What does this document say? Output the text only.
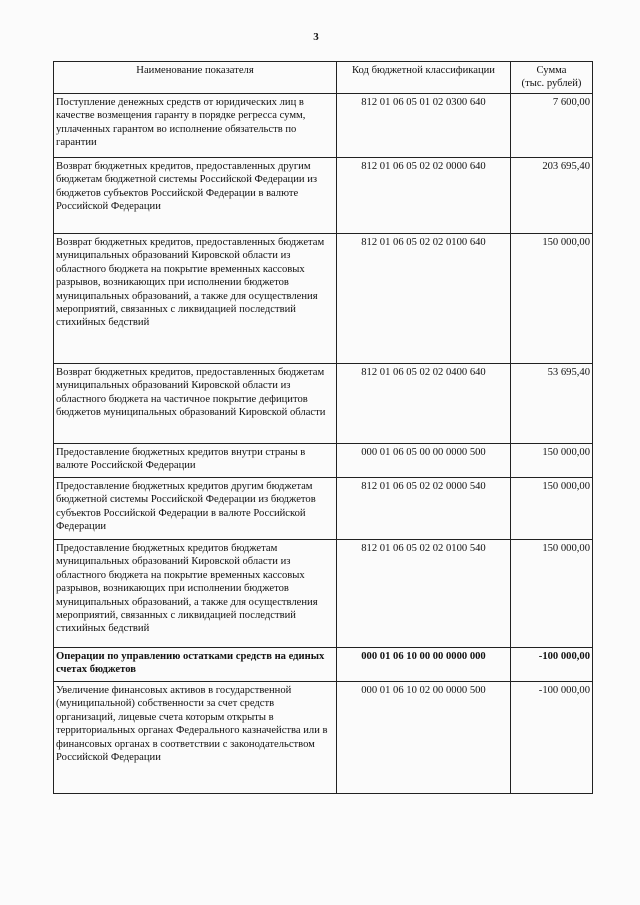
3
Наименование показателя	Код бюджетной классификации	Сумма
(тыс. рублей)

Поступление денежных средств от юридических лиц в качестве возмещения гаранту в порядке регресса сумм, уплаченных гарантом во исполнение обязательств по гарантии	812 01 06 05 01 02 0300 640	7 600,00
Возврат бюджетных кредитов, предоставленных другим бюджетам бюджетной системы Российской Федерации из бюджетов субъектов Российской Федерации в валюте Российской Федерации	812 01 06 05 02 02 0000 640	203 695,40
Возврат бюджетных кредитов, предоставленных бюджетам муниципальных образований Кировской области из областного бюджета на покрытие временных кассовых разрывов, возникающих при исполнении бюджетов муниципальных образований, а также для осуществления мероприятий, связанных с ликвидацией последствий стихийных бедствий	812 01 06 05 02 02 0100 640	150 000,00
Возврат бюджетных кредитов, предоставленных бюджетам муниципальных образований Кировской области из областного бюджета на частичное покрытие дефицитов бюджетов муниципальных образований Кировской области	812 01 06 05 02 02 0400 640	53 695,40
Предоставление бюджетных кредитов внутри страны в валюте Российской Федерации	000 01 06 05 00 00 0000 500	150 000,00
Предоставление бюджетных кредитов другим бюджетам бюджетной системы Российской Федерации из бюджетов субъектов Российской Федерации в валюте Российской Федерации	812 01 06 05 02 02 0000 540	150 000,00
Предоставление бюджетных кредитов бюджетам муниципальных образований Кировской области из областного бюджета на покрытие временных кассовых разрывов, возникающих при исполнении бюджетов муниципальных образований, а также для осуществления мероприятий, связанных с ликвидацией последствий стихийных бедствий	812 01 06 05 02 02 0100 540	150 000,00
Операции по управлению остатками средств на единых счетах бюджетов	000 01 06 10 00 00 0000 000	-100 000,00
Увеличение финансовых активов в государственной (муниципальной) собственности за счет средств организаций, лицевые счета которым открыты в территориальных органах Федерального казначейства или в финансовых органах в соответствии с законодательством Российской Федерации	000 01 06 10 02 00 0000 500	-100 000,00
